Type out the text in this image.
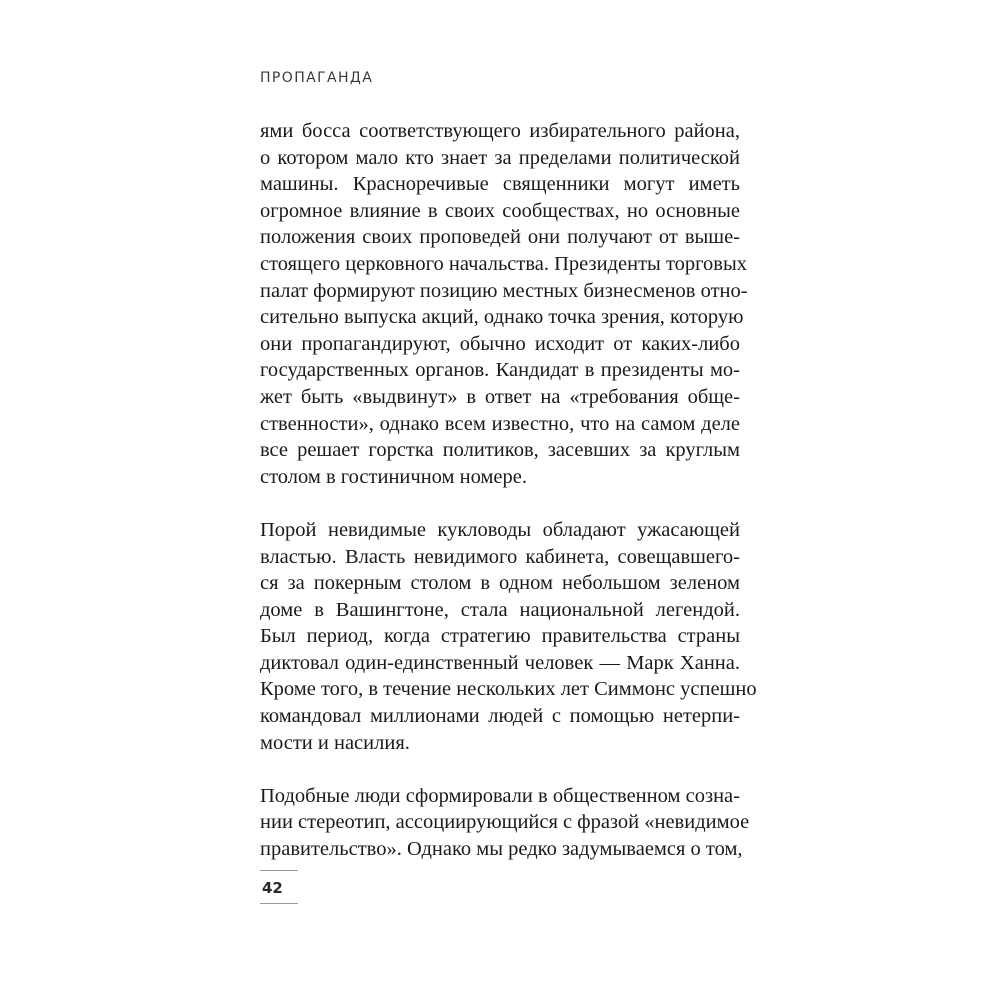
ПРОПАГАНДА
ями босса соответствующего избирательного района,
о котором мало кто знает за пределами политической
машины. Красноречивые священники могут иметь
огромное влияние в своих сообществах, но основные
положения своих проповедей они получают от выше-
стоящего церковного начальства. Президенты торговых
палат формируют позицию местных бизнесменов отно-
сительно выпуска акций, однако точка зрения, которую
они пропагандируют, обычно исходит от каких-либо
государственных органов. Кандидат в президенты мо-
жет быть «выдвинут» в ответ на «требования обще-
ственности», однако всем известно, что на самом деле
все решает горстка политиков, засевших за круглым
столом в гостиничном номере.
Порой невидимые кукловоды обладают ужасающей
властью. Власть невидимого кабинета, совещавшего-
ся за покерным столом в одном небольшом зеленом
доме в Вашингтоне, стала национальной легендой.
Был период, когда стратегию правительства страны
диктовал один-единственный человек — Марк Ханна.
Кроме того, в течение нескольких лет Симмонс успешно
командовал миллионами людей с помощью нетерпи-
мости и насилия.
Подобные люди сформировали в общественном созна-
нии стереотип, ассоциирующийся с фразой «невидимое
правительство». Однако мы редко задумываемся о том,
42
